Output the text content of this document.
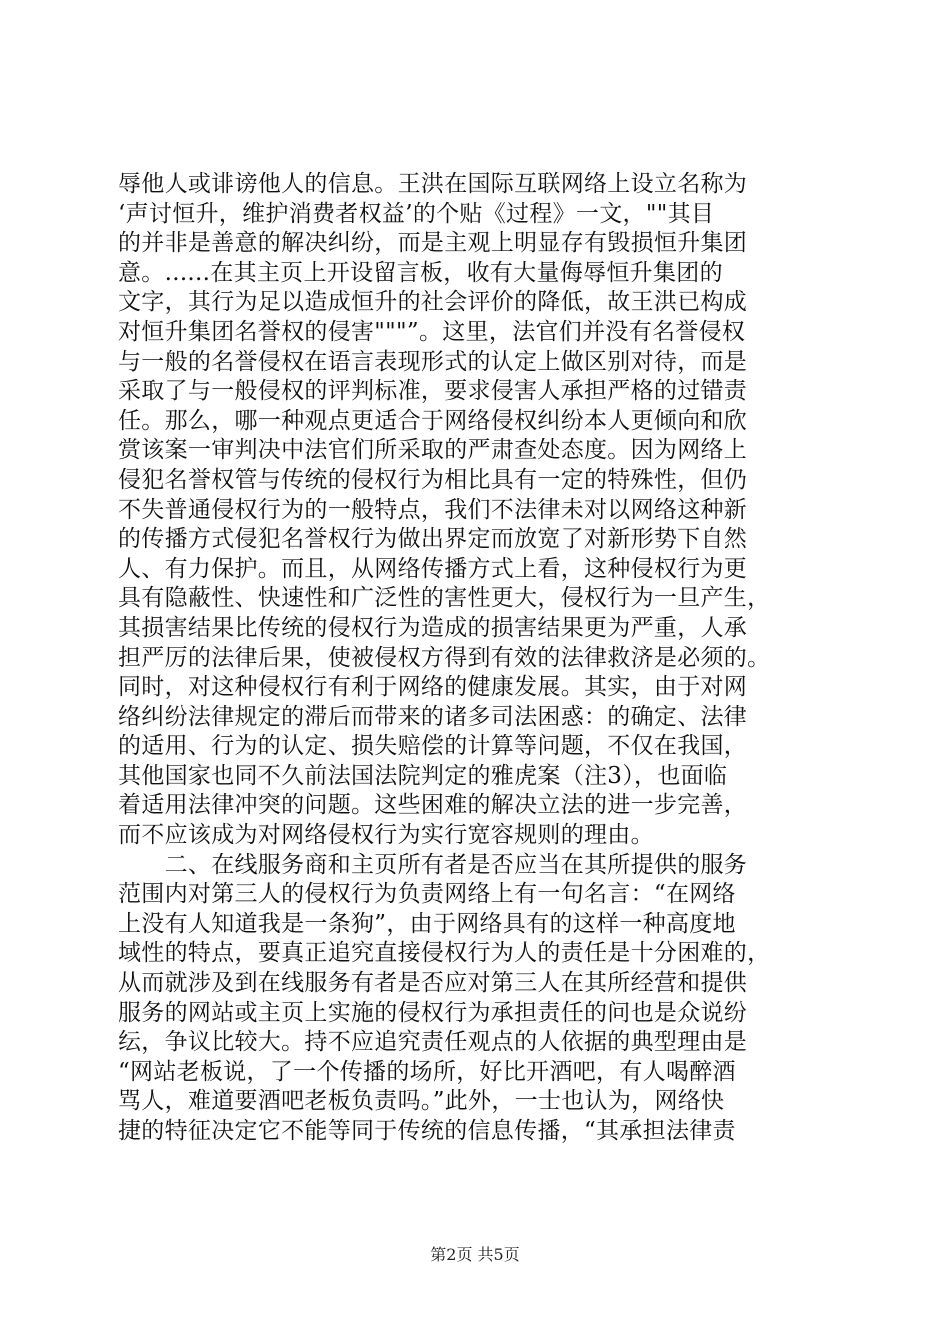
辱他人或诽谤他人的信息。王洪在国际互联网络上设立名称为
‘声讨恒升，维护消费者权益’的个贴《过程》一文，""其目
的并非是善意的解决纠纷，而是主观上明显存有毁损恒升集团
意。......在其主页上开设留言板，收有大量侮辱恒升集团的
文字，其行为足以造成恒升的社会评价的降低，故王洪已构成
对恒升集团名誉权的侵害"""”。这里，法官们并没有名誉侵权
与一般的名誉侵权在语言表现形式的认定上做区别对待，而是
采取了与一般侵权的评判标准，要求侵害人承担严格的过错责
任。那么，哪一种观点更适合于网络侵权纠纷本人更倾向和欣
赏该案一审判决中法官们所采取的严肃查处态度。因为网络上
侵犯名誉权管与传统的侵权行为相比具有一定的特殊性，但仍
不失普通侵权行为的一般特点，我们不法律未对以网络这种新
的传播方式侵犯名誉权行为做出界定而放宽了对新形势下自然
人、有力保护。而且，从网络传播方式上看，这种侵权行为更
具有隐蔽性、快速性和广泛性的害性更大，侵权行为一旦产生，
其损害结果比传统的侵权行为造成的损害结果更为严重，人承
担严厉的法律后果，使被侵权方得到有效的法律救济是必须的。
同时，对这种侵权行有利于网络的健康发展。其实，由于对网
络纠纷法律规定的滞后而带来的诸多司法困惑：的确定、法律
的适用、行为的认定、损失赔偿的计算等问题，不仅在我国，
其他国家也同不久前法国法院判定的雅虎案（注3），也面临
着适用法律冲突的问题。这些困难的解决立法的进一步完善，
而不应该成为对网络侵权行为实行宽容规则的理由。
　　二、在线服务商和主页所有者是否应当在其所提供的服务
范围内对第三人的侵权行为负责网络上有一句名言：“在网络
上没有人知道我是一条狗”，由于网络具有的这样一种高度地
域性的特点，要真正追究直接侵权行为人的责任是十分困难的，
从而就涉及到在线服务有者是否应对第三人在其所经营和提供
服务的网站或主页上实施的侵权行为承担责任的问也是众说纷
纭，争议比较大。持不应追究责任观点的人依据的典型理由是
“网站老板说，了一个传播的场所，好比开酒吧，有人喝醉酒
骂人，难道要酒吧老板负责吗。”此外，一士也认为，网络快
捷的特征决定它不能等同于传统的信息传播，“其承担法律责
第2页 共5页
